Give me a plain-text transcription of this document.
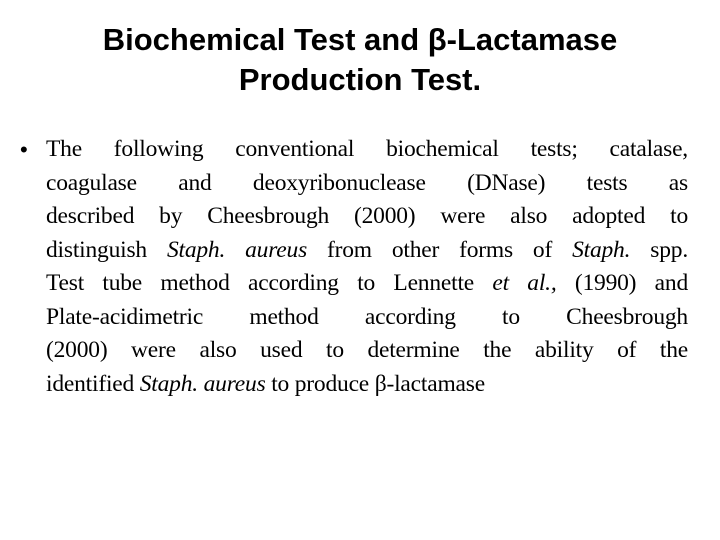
Biochemical Test and β-Lactamase
Production Test.
• The following conventional biochemical tests; catalase,
coagulase and deoxyribonuclease (DNase) tests as
described by Cheesbrough (2000) were also adopted to
distinguish Staph. aureus from other forms of Staph. spp.
Test tube method according to Lennette et al., (1990) and
Plate-acidimetric method according to Cheesbrough
(2000) were also used to determine the ability of the
identified Staph. aureus to produce β-lactamase
